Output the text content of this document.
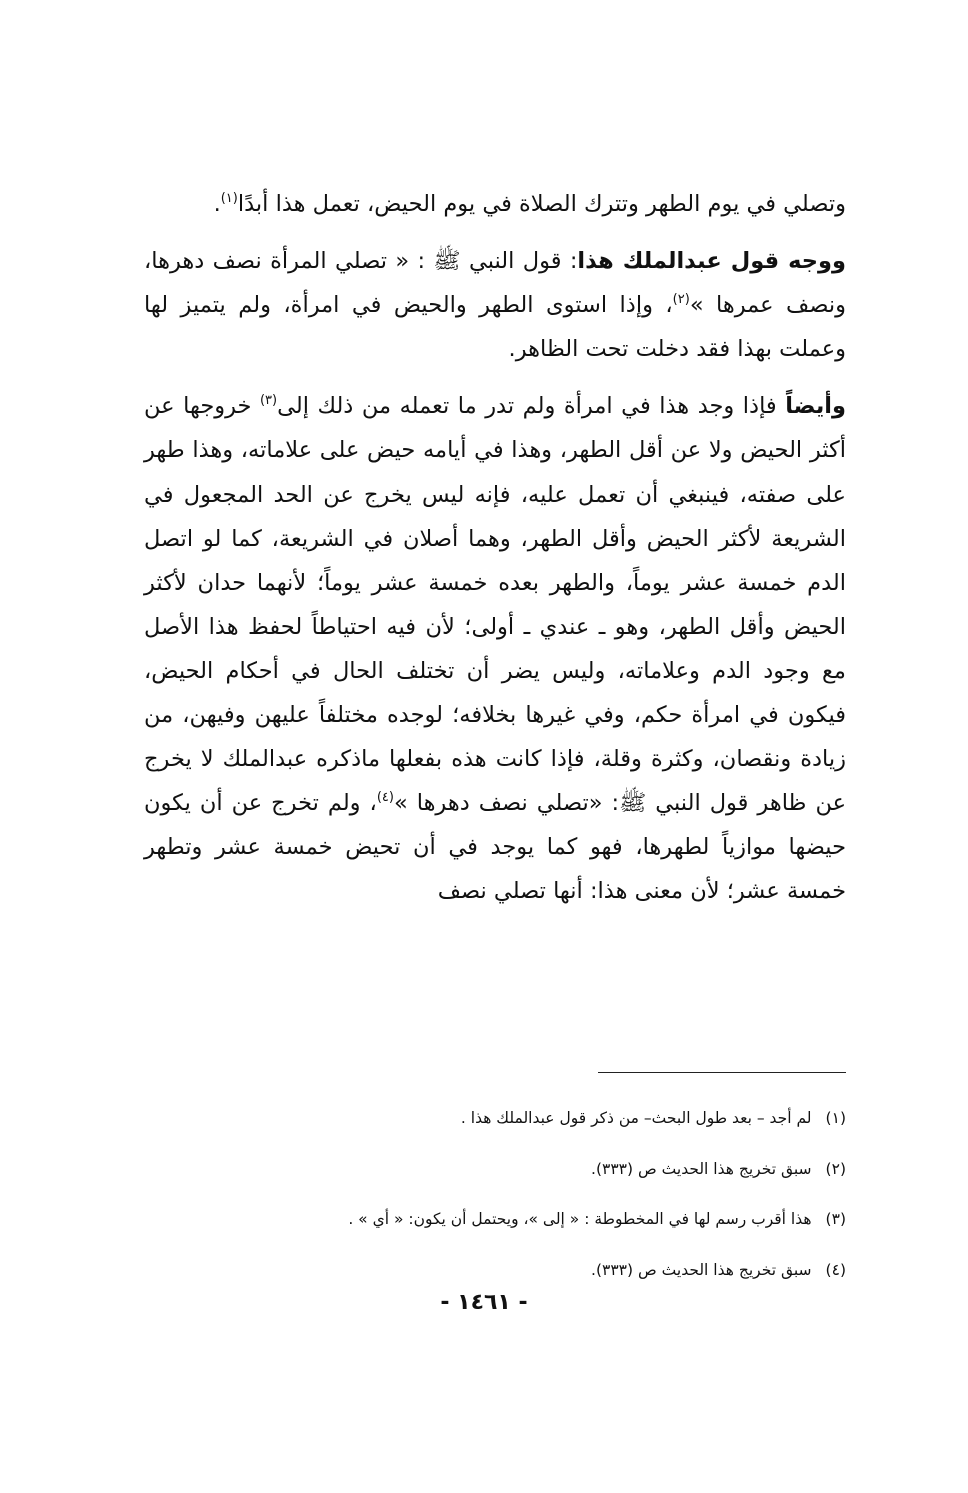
وتصلي في يوم الطهر وتترك الصلاة في يوم الحيض، تعمل هذا أبدًا$^{(١)}$.

ووجه قول عبدالملك هذا: قول النبي ﷺ : « تصلي المرأة نصف دهرها، ونصف عمرها »$^{(٢)}$، وإذا استوى الطهر والحيض في امرأة، ولم يتميز لها وعملت بهذا فقد دخلت تحت الظاهر.

وأيضاً فإذا وجد هذا في امرأة ولم تدر ما تعمله من ذلك إلى$^{(٣)}$ خروجها عن أكثر الحيض ولا عن أقل الطهر، وهذا في أيامه حيض على علاماته، وهذا طهر على صفته، فينبغي أن تعمل عليه، فإنه ليس يخرج عن الحد المجعول في الشريعة لأكثر الحيض وأقل الطهر، وهما أصلان في الشريعة، كما لو اتصل الدم خمسة عشر يوماً، والطهر بعده خمسة عشر يوماً؛ لأنهما حدان لأكثر الحيض وأقل الطهر، وهو ـ عندي ـ أولى؛ لأن فيه احتياطاً لحفظ هذا الأصل مع وجود الدم وعلاماته، وليس يضر أن تختلف الحال في أحكام الحيض، فيكون في امرأة حكم، وفي غيرها بخلافه؛ لوجده مختلفاً عليهن وفيهن، من زيادة ونقصان، وكثرة وقلة، فإذا كانت هذه بفعلها ماذكره عبدالملك لا يخرج عن ظاهر قول النبي ﷺ: «تصلي نصف دهرها »$^{(٤)}$، ولم تخرج عن أن يكون حيضها موازياً لطهرها، فهو كما يوجد في أن تحيض خمسة عشر وتطهر خمسة عشر؛ لأن معنى هذا: أنها تصلي نصف

(١)لم أجد – بعد طول البحث– من ذكر قول عبدالملك هذا .
(٢)سبق تخريج هذا الحديث ص (٣٣٣).
(٣)هذا أقرب رسم لها في المخطوطة : « إلى »، ويحتمل أن يكون: « أي » .
(٤)سبق تخريج هذا الحديث ص (٣٣٣).
- ١٤٦١ -
